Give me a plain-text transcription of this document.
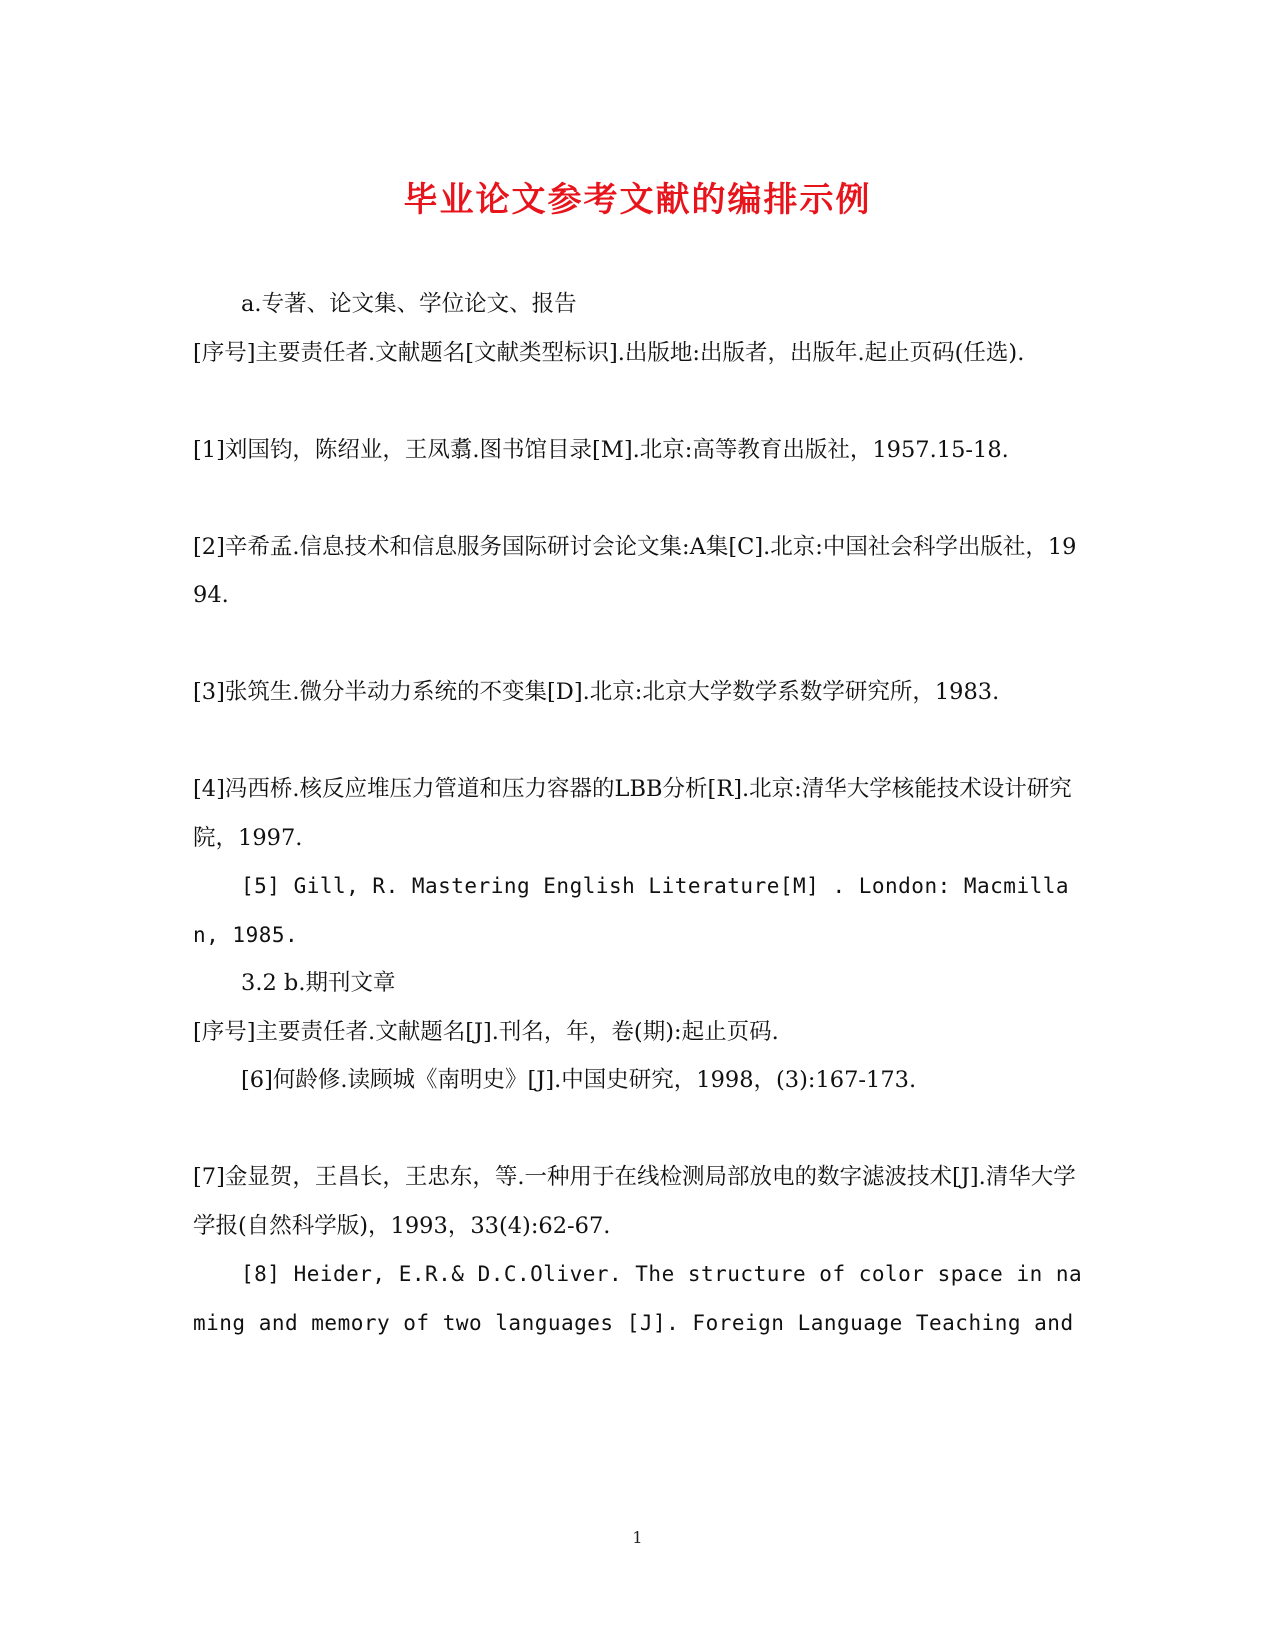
毕业论文参考文献的编排示例

a.专著、论文集、学位论文、报告

[序号]主要责任者.文献题名[文献类型标识].出版地:出版者，出版年.起止页码(任选).

[1]刘国钧，陈绍业，王凤翥.图书馆目录[M].北京:高等教育出版社，1957.15-18.

[2]辛希孟.信息技术和信息服务国际研讨会论文集:A集[C].北京:中国社会科学出版社，1994.

[3]张筑生.微分半动力系统的不变集[D].北京:北京大学数学系数学研究所，1983.

[4]冯西桥.核反应堆压力管道和压力容器的LBB分析[R].北京:清华大学核能技术设计研究院，1997.

[5] Gill, R. Mastering English Literature[M] . London: Macmillan, 1985.

3.2 b.期刊文章

[序号]主要责任者.文献题名[J].刊名，年，卷(期):起止页码.

[6]何龄修.读顾城《南明史》[J].中国史研究，1998，(3):167-173.

[7]金显贺，王昌长，王忠东，等.一种用于在线检测局部放电的数字滤波技术[J].清华大学学报(自然科学版)，1993，33(4):62-67.

[8] Heider, E.R.& D.C.Oliver. The structure of color space in naming and memory of two languages [J]. Foreign Language Teaching and

1
